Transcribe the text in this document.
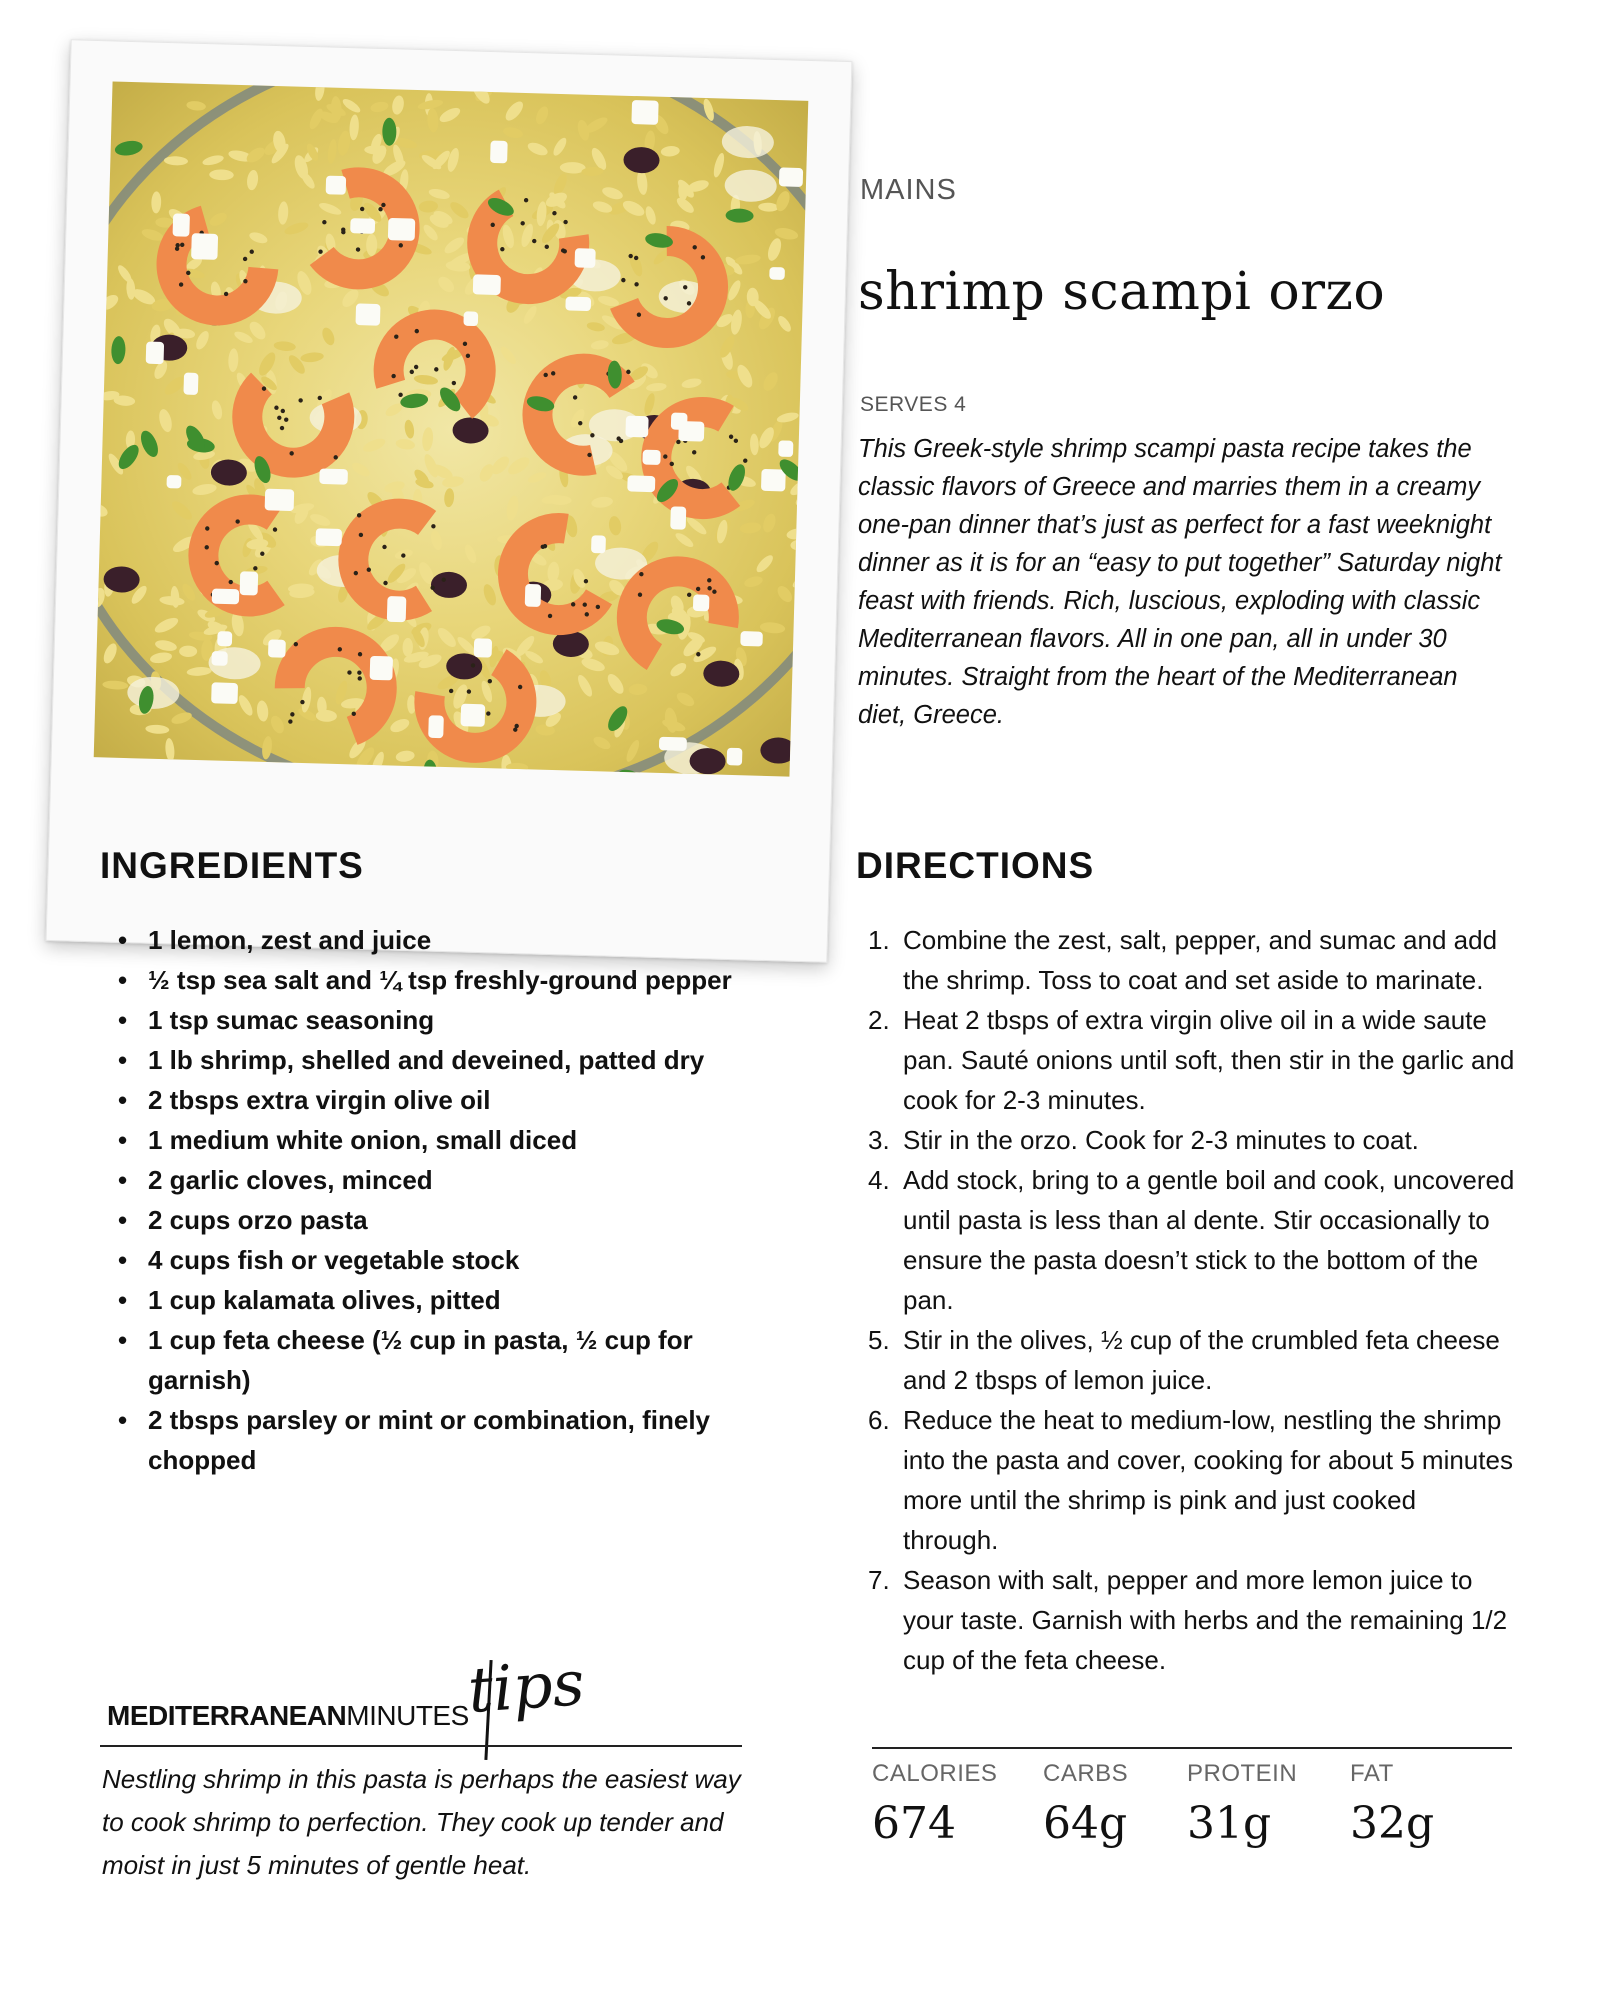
MAINS
shrimp scampi orzo
SERVES 4
This Greek-style shrimp scampi pasta recipe takes the classic flavors of Greece and marries them in a creamy one-pan dinner that’s just as perfect for a fast weeknight dinner as it is for an “easy to put together” Saturday night feast with friends. Rich, luscious, exploding with classic Mediterranean flavors. All in one pan, all in under 30 minutes. Straight from the heart of the Mediterranean diet, Greece.
INGREDIENTS
• 1 lemon, zest and juice
• ½ tsp sea salt and ¼ tsp freshly-ground pepper
• 1 tsp sumac seasoning
• 1 lb shrimp, shelled and deveined, patted dry
• 2 tbsps extra virgin olive oil
• 1 medium white onion, small diced
• 2 garlic cloves, minced
• 2 cups orzo pasta
• 4 cups fish or vegetable stock
• 1 cup kalamata olives, pitted
• 1 cup feta cheese (½ cup in pasta, ½ cup for garnish)
• 2 tbsps parsley or mint or combination, finely chopped
DIRECTIONS
1. Combine the zest, salt, pepper, and sumac and add the shrimp. Toss to coat and set aside to marinate.
2. Heat 2 tbsps of extra virgin olive oil in a wide saute pan. Sauté onions until soft, then stir in the garlic and cook for 2-3 minutes.
3. Stir in the orzo. Cook for 2-3 minutes to coat.
4. Add stock, bring to a gentle boil and cook, uncovered until pasta is less than al dente. Stir occasionally to ensure the pasta doesn’t stick to the bottom of the pan.
5. Stir in the olives, ½ cup of the crumbled feta cheese and 2 tbsps of lemon juice.
6. Reduce the heat to medium-low, nestling the shrimp into the pasta and cover, cooking for about 5 minutes more until the shrimp is pink and just cooked through.
7. Season with salt, pepper and more lemon juice to your taste. Garnish with herbs and the remaining 1/2 cup of the feta cheese.
MEDITERRANEANMINUTES
tips
Nestling shrimp in this pasta is perhaps the easiest way to cook shrimp to perfection. They cook up tender and moist in just 5 minutes of gentle heat.
CALORIES
674
CARBS
64g
PROTEIN
31g
FAT
32g
